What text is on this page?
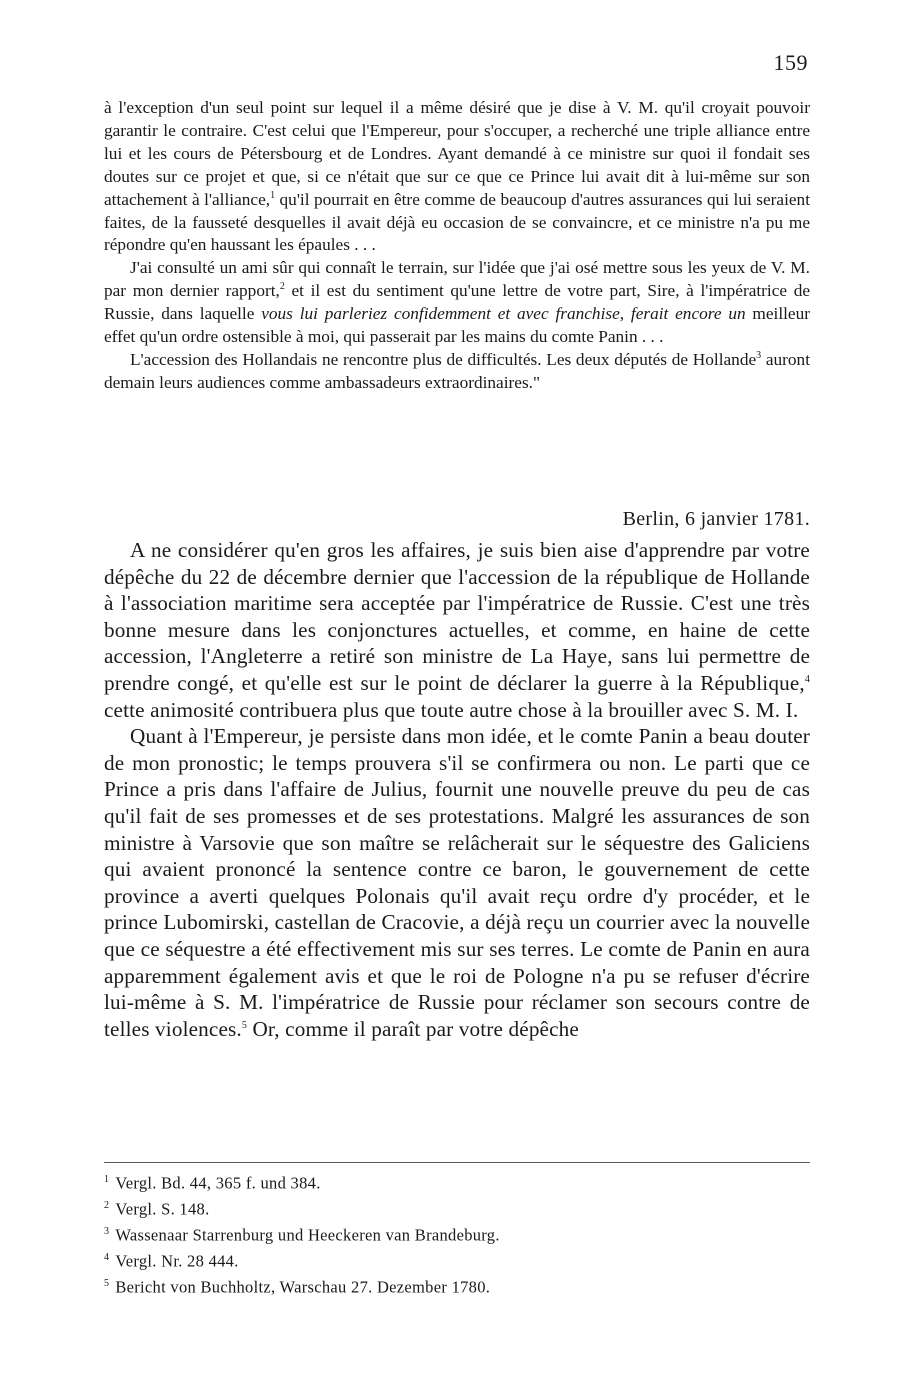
159

à l'exception d'un seul point sur lequel il a même désiré que je dise à V. M. qu'il croyait pouvoir garantir le contraire. C'est celui que l'Empereur, pour s'occuper, a recherché une triple alliance entre lui et les cours de Pétersbourg et de Londres. Ayant demandé à ce ministre sur quoi il fondait ses doutes sur ce projet et que, si ce n'était que sur ce que ce Prince lui avait dit à lui-même sur son attachement à l'alliance,$^1$ qu'il pourrait en être comme de beaucoup d'autres assurances qui lui seraient faites, de la fausseté desquelles il avait déjà eu occasion de se convaincre, et ce ministre n'a pu me répondre qu'en haussant les épaules . . .

J'ai consulté un ami sûr qui connaît le terrain, sur l'idée que j'ai osé mettre sous les yeux de V. M. par mon dernier rapport,$^2$ et il est du sentiment qu'une lettre de votre part, Sire, à l'impératrice de Russie, dans laquelle vous lui parleriez confidemment et avec franchise, ferait encore un meilleur effet qu'un ordre ostensible à moi, qui passerait par les mains du comte Panin . . .

L'accession des Hollandais ne rencontre plus de difficultés. Les deux députés de Hollande$^3$ auront demain leurs audiences comme ambassadeurs extraordinaires."

Berlin, 6 janvier 1781.

A ne considérer qu'en gros les affaires, je suis bien aise d'apprendre par votre dépêche du 22 de décembre dernier que l'accession de la république de Hollande à l'association maritime sera acceptée par l'impératrice de Russie. C'est une très bonne mesure dans les conjonctures actuelles, et comme, en haine de cette accession, l'Angleterre a retiré son ministre de La Haye, sans lui permettre de prendre congé, et qu'elle est sur le point de déclarer la guerre à la République,$^4$ cette animosité contribuera plus que toute autre chose à la brouiller avec S. M. I.

Quant à l'Empereur, je persiste dans mon idée, et le comte Panin a beau douter de mon pronostic; le temps prouvera s'il se confirmera ou non. Le parti que ce Prince a pris dans l'affaire de Julius, fournit une nouvelle preuve du peu de cas qu'il fait de ses promesses et de ses protestations. Malgré les assurances de son ministre à Varsovie que son maître se relâcherait sur le séquestre des Galiciens qui avaient prononcé la sentence contre ce baron, le gouvernement de cette province a averti quelques Polonais qu'il avait reçu ordre d'y procéder, et le prince Lubomirski, castellan de Cracovie, a déjà reçu un courrier avec la nouvelle que ce séquestre a été effectivement mis sur ses terres. Le comte de Panin en aura apparemment également avis et que le roi de Pologne n'a pu se refuser d'écrire lui-même à S. M. l'impératrice de Russie pour réclamer son secours contre de telles violences.$^5$ Or, comme il paraît par votre dépêche

$^1$ Vergl. Bd. 44, 365 f. und 384.

$^2$ Vergl. S. 148.

$^3$ Wassenaar Starrenburg und Heeckeren van Brandeburg.

$^4$ Vergl. Nr. 28 444.

$^5$ Bericht von Buchholtz, Warschau 27. Dezember 1780.
